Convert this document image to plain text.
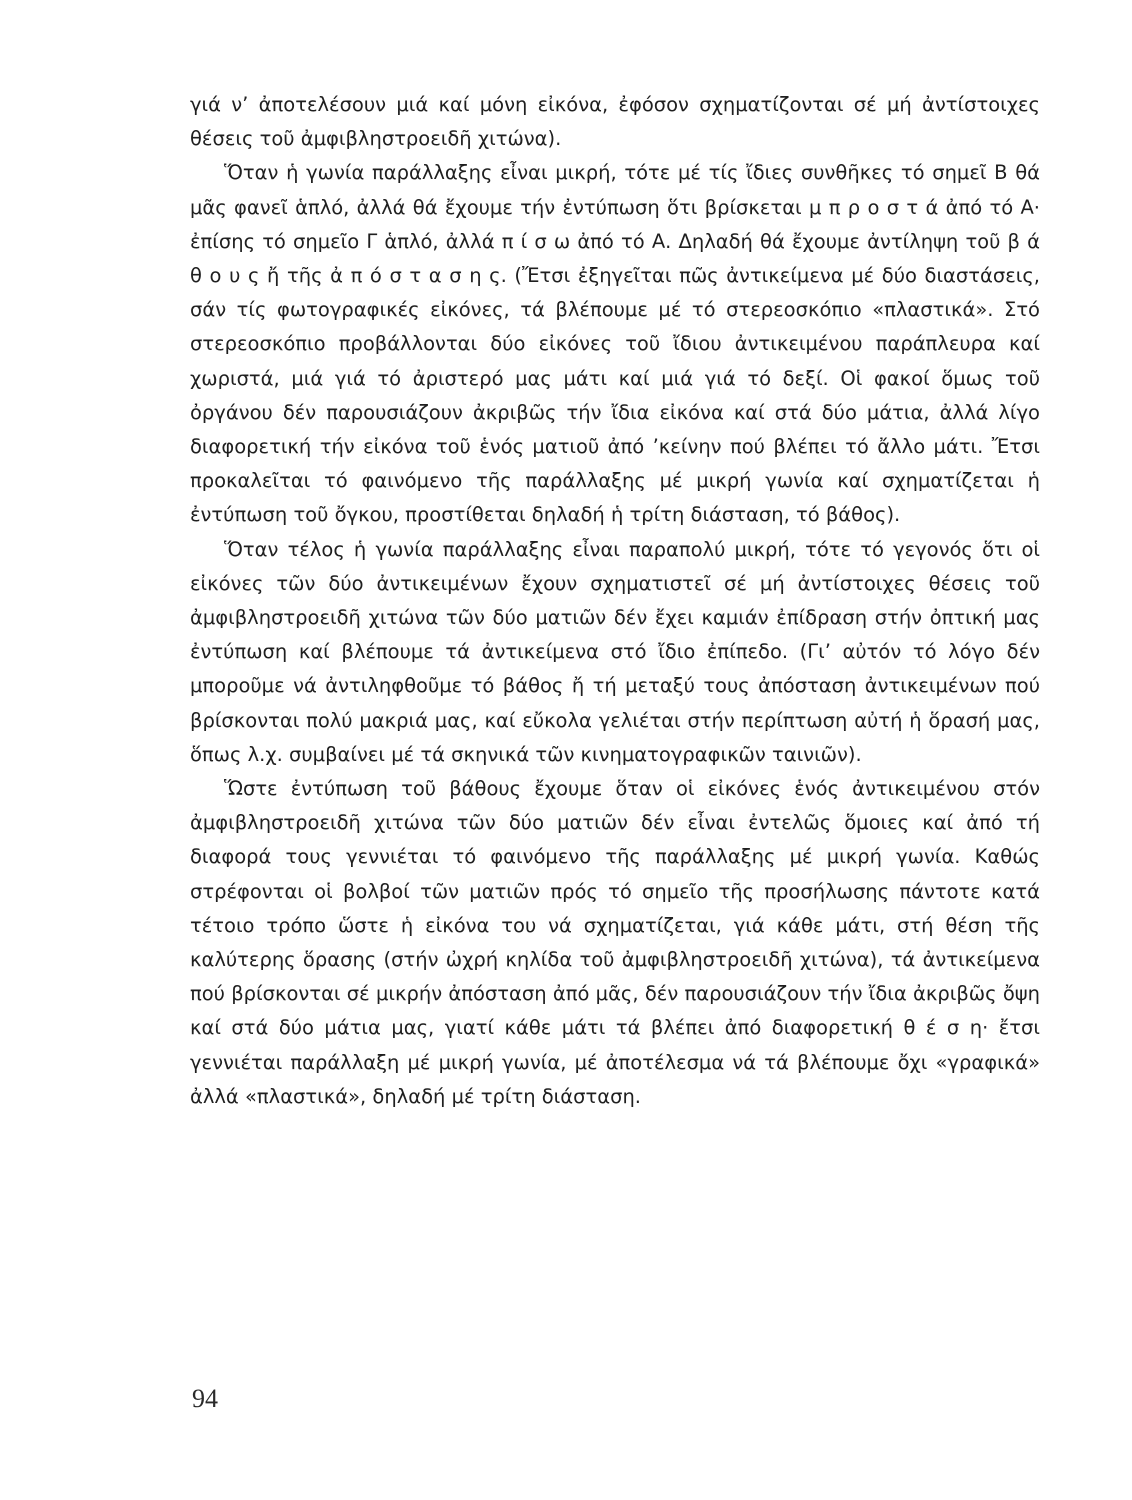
γιά ν’ ἀποτελέσουν μιά καί μόνη εἰκόνα, ἐφόσον σχηματίζονται σέ μή ἀντίστοιχες θέσεις τοῦ ἀμφιβληστροειδῆ χιτώνα).

Ὅταν ἡ γωνία παράλλαξης εἶναι μικρή, τότε μέ τίς ἴδιες συνθῆκες τό σημεῖ Β θά μᾶς φανεῖ ἁπλό, ἀλλά θά ἔχουμε τήν ἐντύπωση ὅτι βρίσκεται μ π ρ ο σ τ ά ἀπό τό Α· ἐπίσης τό σημεῖο Γ ἁπλό, ἀλλά π ί σ ω ἀπό τό Α. Δηλαδή θά ἔχουμε ἀντίληψη τοῦ β ά θ ο υ ς ἤ τῆς ἀ π ό σ τ α σ η ς. (Ἔτσι ἐξηγεῖται πῶς ἀντικείμενα μέ δύο διαστάσεις, σάν τίς φωτογραφικές εἰκόνες, τά βλέπουμε μέ τό στερεοσκόπιο «πλαστικά». Στό στερεοσκόπιο προβάλλονται δύο εἰκόνες τοῦ ἴδιου ἀντικειμένου παράπλευρα καί χωριστά, μιά γιά τό ἀριστερό μας μάτι καί μιά γιά τό δεξί. Οἱ φακοί ὅμως τοῦ ὀργάνου δέν παρουσιάζουν ἀκριβῶς τήν ἴδια εἰκόνα καί στά δύο μάτια, ἀλλά λίγο διαφορετική τήν εἰκόνα τοῦ ἑνός ματιοῦ ἀπό ’κείνην πού βλέπει τό ἄλλο μάτι. Ἔτσι προκαλεῖται τό φαινόμενο τῆς παράλλαξης μέ μικρή γωνία καί σχηματίζεται ἡ ἐντύπωση τοῦ ὄγκου, προστίθεται δηλαδή ἡ τρίτη διάσταση, τό βάθος).

Ὅταν τέλος ἡ γωνία παράλλαξης εἶναι παραπολύ μικρή, τότε τό γεγονός ὅτι οἱ εἰκόνες τῶν δύο ἀντικειμένων ἔχουν σχηματιστεῖ σέ μή ἀντίστοιχες θέσεις τοῦ ἀμφιβληστροειδῆ χιτώνα τῶν δύο ματιῶν δέν ἔχει καμιάν ἐπίδραση στήν ὀπτική μας ἐντύπωση καί βλέπουμε τά ἀντικείμενα στό ἴδιο ἐπίπεδο. (Γι’ αὐτόν τό λόγο δέν μποροῦμε νά ἀντιληφθοῦμε τό βάθος ἤ τή μεταξύ τους ἀπόσταση ἀντικειμένων πού βρίσκονται πολύ μακριά μας, καί εὔκολα γελιέται στήν περίπτωση αὐτή ἡ ὅρασή μας, ὅπως λ.χ. συμβαίνει μέ τά σκηνικά τῶν κινηματογραφικῶν ταινιῶν).

Ὥστε ἐντύπωση τοῦ βάθους ἔχουμε ὅταν οἱ εἰκόνες ἑνός ἀντικειμένου στόν ἀμφιβληστροειδῆ χιτώνα τῶν δύο ματιῶν δέν εἶναι ἐντελῶς ὅμοιες καί ἀπό τή διαφορά τους γεννιέται τό φαινόμενο τῆς παράλλαξης μέ μικρή γωνία. Καθώς στρέφονται οἱ βολβοί τῶν ματιῶν πρός τό σημεῖο τῆς προσήλωσης πάντοτε κατά τέτοιο τρόπο ὥστε ἡ εἰκόνα του νά σχηματίζεται, γιά κάθε μάτι, στή θέση τῆς καλύτερης ὅρασης (στήν ὠχρή κηλίδα τοῦ ἀμφιβληστροειδῆ χιτώνα), τά ἀντικείμενα πού βρίσκονται σέ μικρήν ἀπόσταση ἀπό μᾶς, δέν παρουσιάζουν τήν ἴδια ἀκριβῶς ὄψη καί στά δύο μάτια μας, γιατί κάθε μάτι τά βλέπει ἀπό διαφορετική θ έ σ η· ἔτσι γεννιέται παράλλαξη μέ μικρή γωνία, μέ ἀποτέλεσμα νά τά βλέπουμε ὄχι «γραφικά» ἀλλά «πλαστικά», δηλαδή μέ τρίτη διάσταση.

94
